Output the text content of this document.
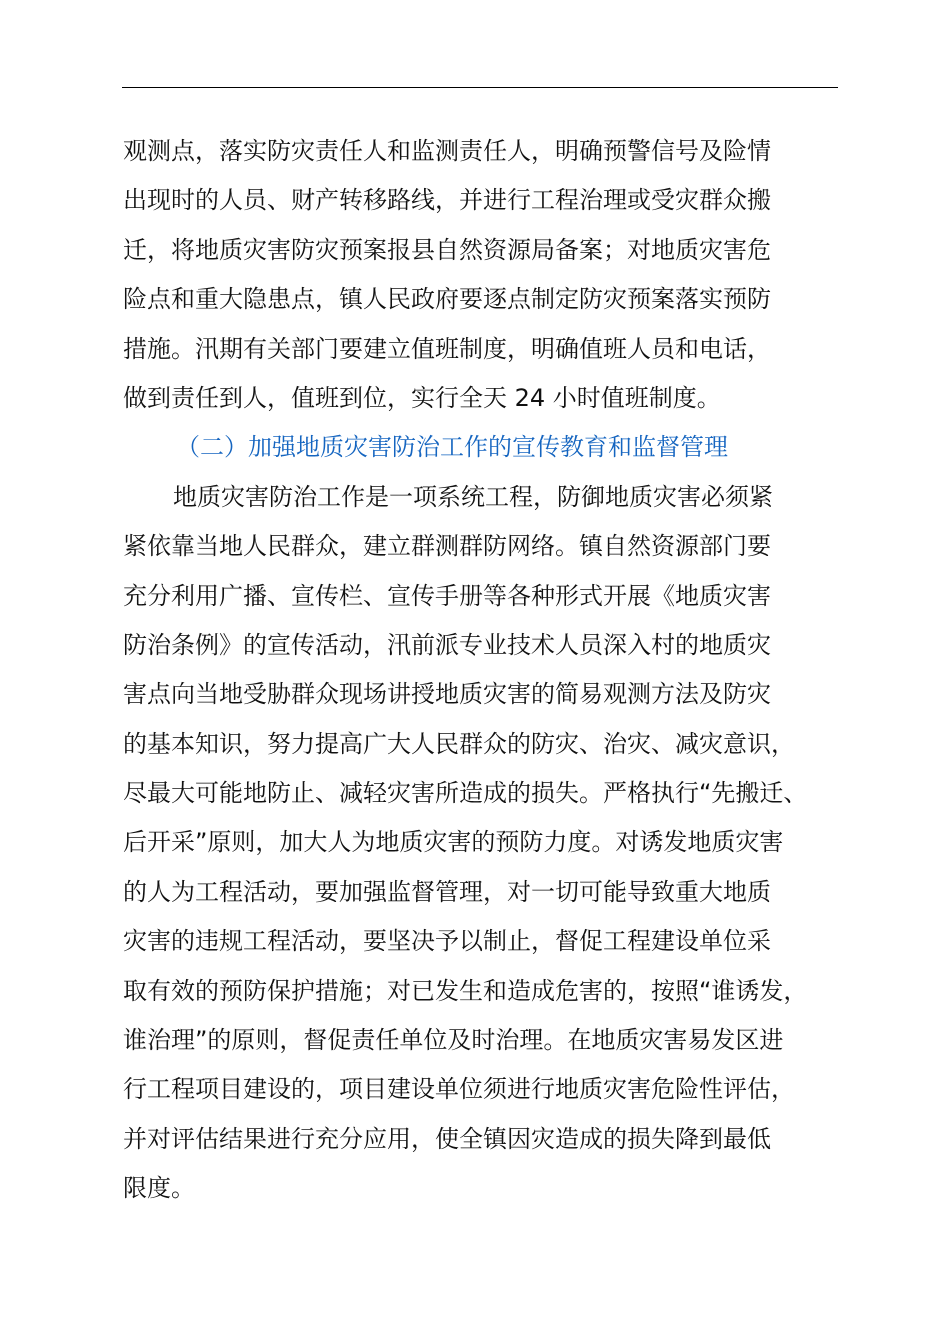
观测点，落实防灾责任人和监测责任人，明确预警信号及险情
出现时的人员、财产转移路线，并进行工程治理或受灾群众搬
迁，将地质灾害防灾预案报县自然资源局备案；对地质灾害危
险点和重大隐患点，镇人民政府要逐点制定防灾预案落实预防
措施。汛期有关部门要建立值班制度，明确值班人员和电话，
做到责任到人，值班到位，实行全天 24 小时值班制度。
（二）加强地质灾害防治工作的宣传教育和监督管理
地质灾害防治工作是一项系统工程，防御地质灾害必须紧
紧依靠当地人民群众，建立群测群防网络。镇自然资源部门要
充分利用广播、宣传栏、宣传手册等各种形式开展《地质灾害
防治条例》的宣传活动，汛前派专业技术人员深入村的地质灾
害点向当地受胁群众现场讲授地质灾害的简易观测方法及防灾
的基本知识，努力提高广大人民群众的防灾、治灾、减灾意识，
尽最大可能地防止、减轻灾害所造成的损失。严格执行“先搬迁、
后开采”原则，加大人为地质灾害的预防力度。对诱发地质灾害
的人为工程活动，要加强监督管理，对一切可能导致重大地质
灾害的违规工程活动，要坚决予以制止，督促工程建设单位采
取有效的预防保护措施；对已发生和造成危害的，按照“谁诱发，
谁治理”的原则，督促责任单位及时治理。在地质灾害易发区进
行工程项目建设的，项目建设单位须进行地质灾害危险性评估，
并对评估结果进行充分应用，使全镇因灾造成的损失降到最低
限度。
